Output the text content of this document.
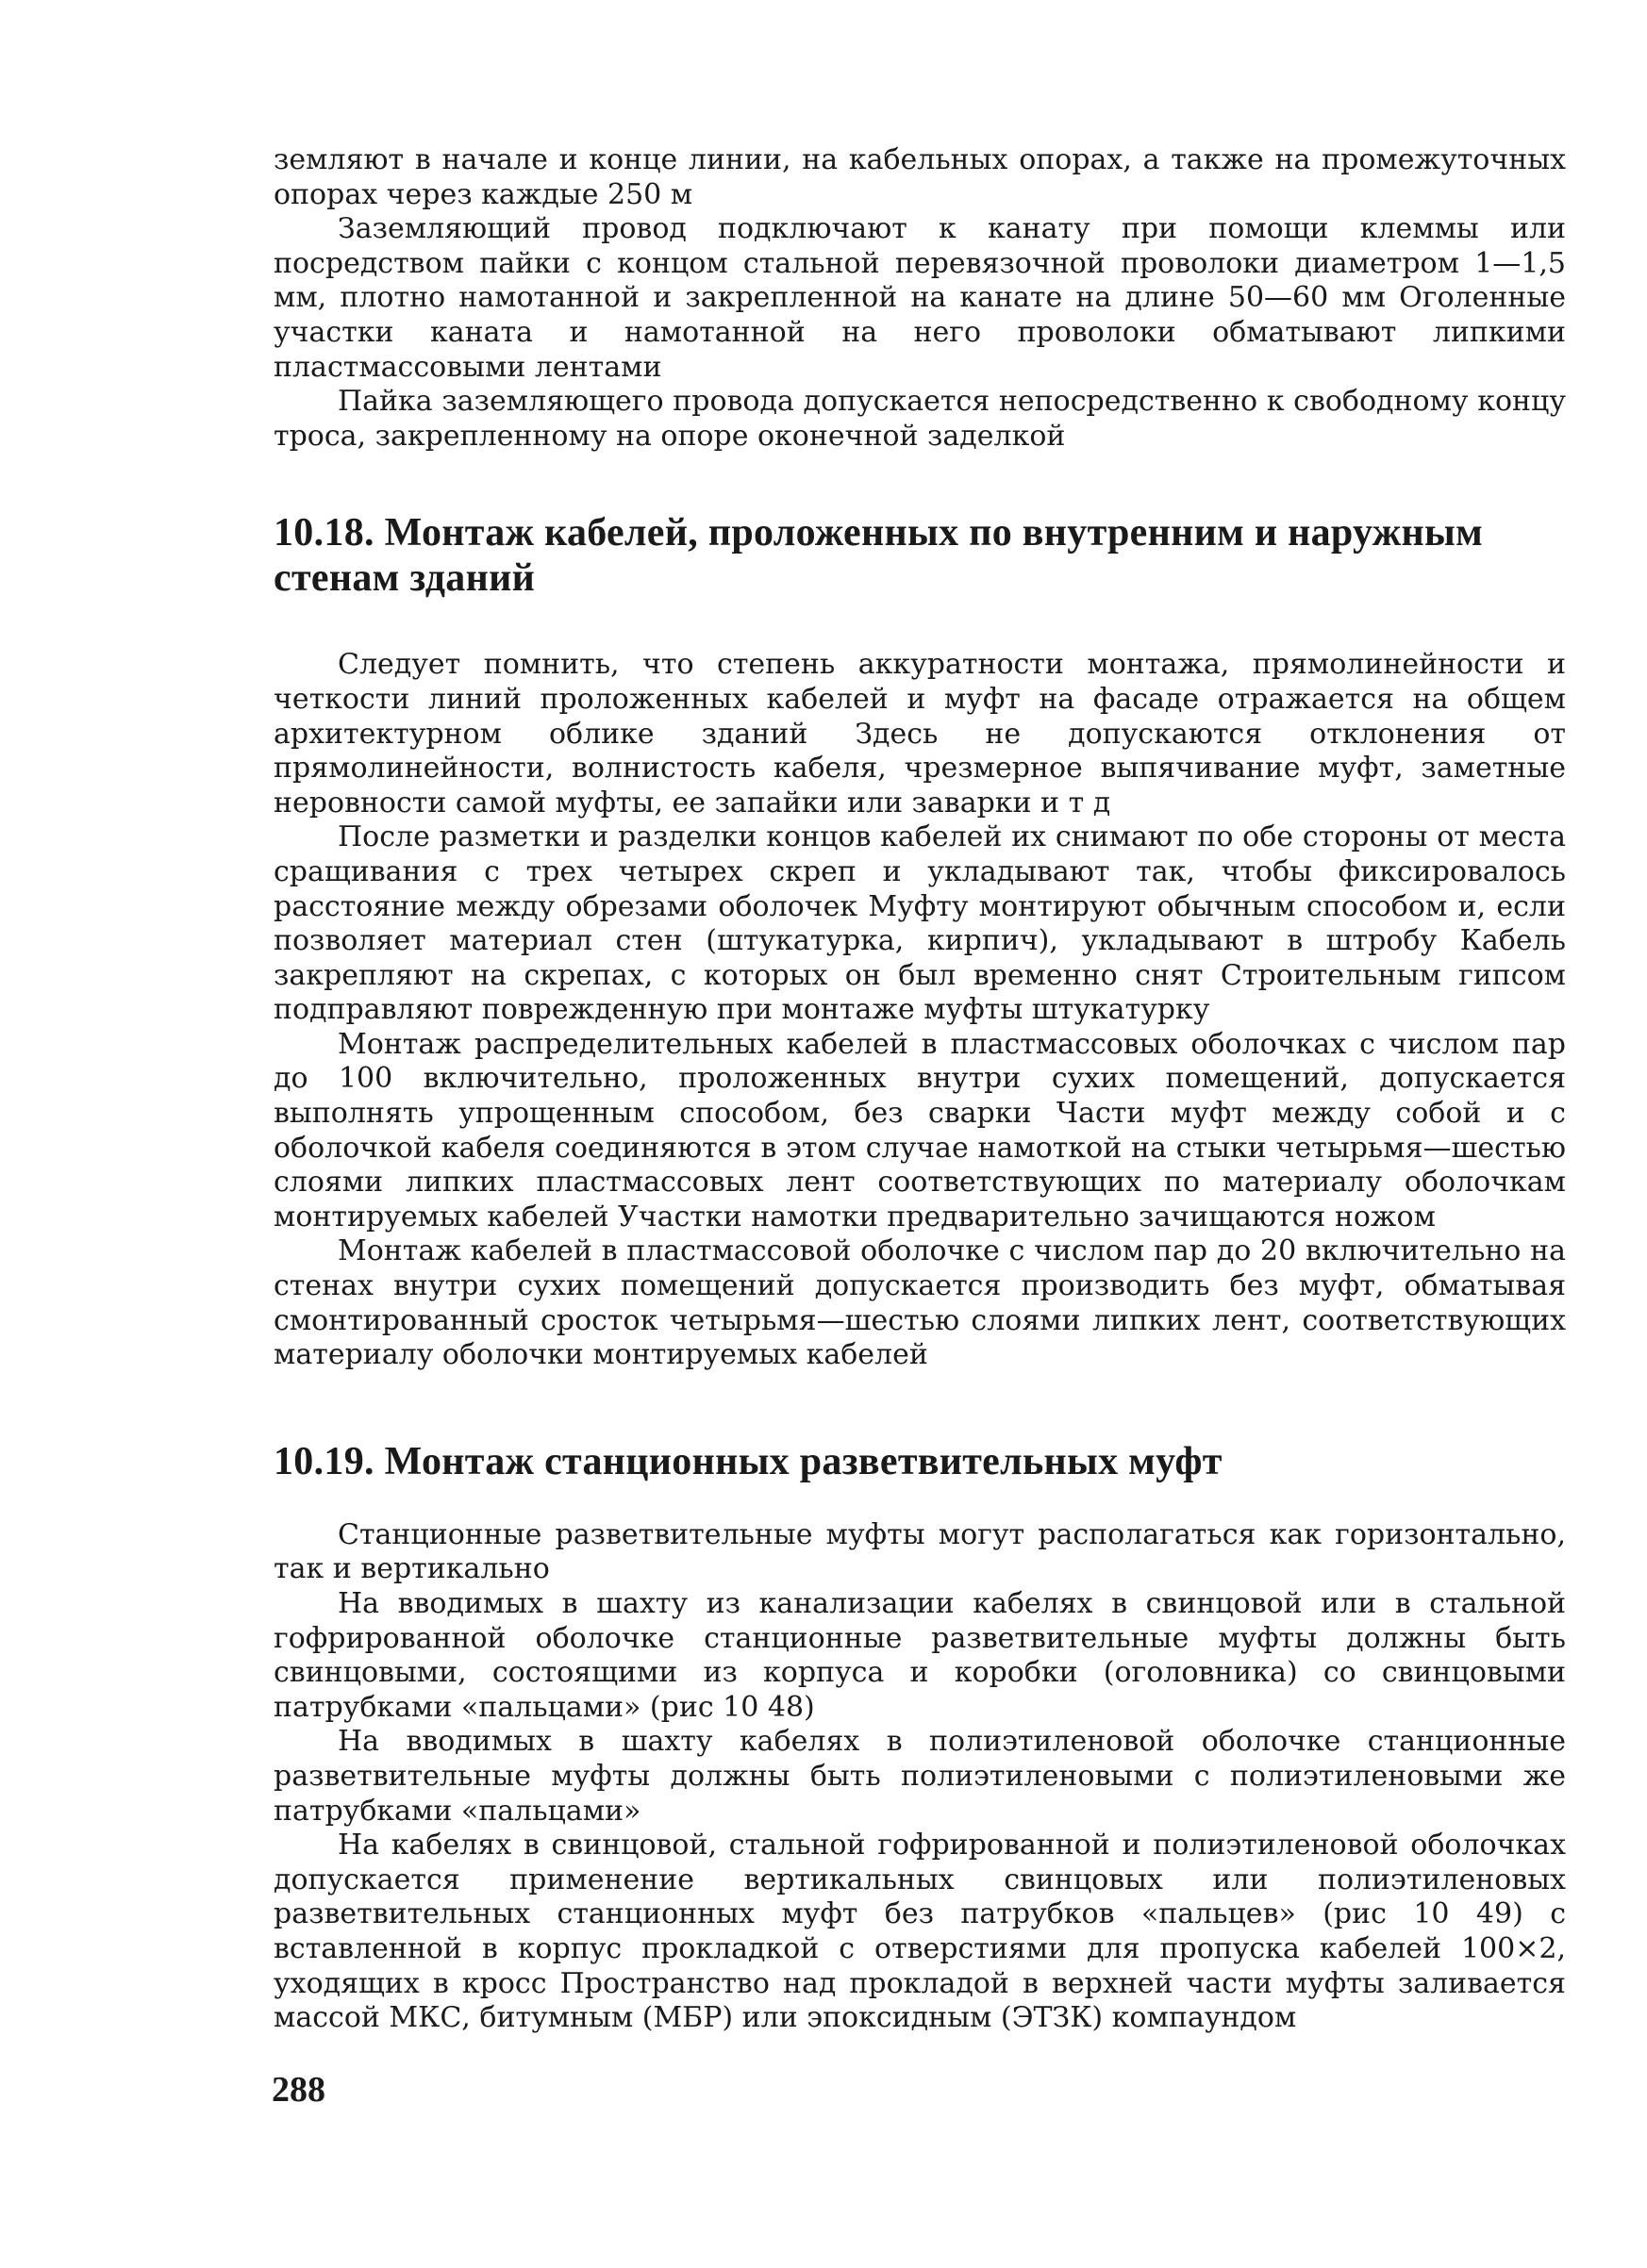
земляют в начале и конце линии, на кабельных опорах, а также на промежуточных опорах через каждые 250 м

Заземляющий провод подключают к канату при помощи клеммы или посредством пайки с концом стальной перевязочной проволоки диаметром 1—1,5 мм, плотно намотанной и закрепленной на канате на длине 50—60 мм Оголенные участки каната и намотанной на него проволоки обматывают липкими пластмассовыми лентами

Пайка заземляющего провода допускается непосредственно к свободному концу троса, закрепленному на опоре оконечной заделкой

10.18. Монтаж кабелей, проложенных по внутренним и наружным стенам зданий

Следует помнить, что степень аккуратности монтажа, прямолинейности и четкости линий проложенных кабелей и муфт на фасаде отражается на общем архитектурном облике зданий Здесь не допускаются отклонения от прямолинейности, волнистость кабеля, чрезмерное выпячивание муфт, заметные неровности самой муфты, ее запайки или заварки и т д

После разметки и разделки концов кабелей их снимают по обе стороны от места сращивания с трех четырех скреп и укладывают так, чтобы фиксировалось расстояние между обрезами оболочек Муфту монтируют обычным способом и, если позволяет материал стен (штукатурка, кирпич), укладывают в штробу Кабель закрепляют на скрепах, с которых он был временно снят Строительным гипсом подправляют поврежденную при монтаже муфты штукатурку

Монтаж распределительных кабелей в пластмассовых оболочках с числом пар до 100 включительно, проложенных внутри сухих помещений, допускается выполнять упрощенным способом, без сварки Части муфт между собой и с оболочкой кабеля соединяются в этом случае намоткой на стыки четырьмя—шестью слоями липких пластмассовых лент соответствующих по материалу оболочкам монтируемых кабелей Участки намотки предварительно зачищаются ножом

Монтаж кабелей в пластмассовой оболочке с числом пар до 20 включительно на стенах внутри сухих помещений допускается производить без муфт, обматывая смонтированный сросток четырьмя—шестью слоями липких лент, соответствующих материалу оболочки монтируемых кабелей

10.19. Монтаж станционных разветвительных муфт

Станционные разветвительные муфты могут располагаться как горизонтально, так и вертикально

На вводимых в шахту из канализации кабелях в свинцовой или в стальной гофрированной оболочке станционные разветвительные муфты должны быть свинцовыми, состоящими из корпуса и коробки (оголовника) со свинцовыми патрубками «пальцами» (рис 10 48)

На вводимых в шахту кабелях в полиэтиленовой оболочке станционные разветвительные муфты должны быть полиэтиленовыми с полиэтиленовыми же патрубками «пальцами»

На кабелях в свинцовой, стальной гофрированной и полиэтиленовой оболочках допускается применение вертикальных свинцовых или полиэтиленовых разветвительных станционных муфт без патрубков «пальцев» (рис 10 49) с вставленной в корпус прокладкой с отверстиями для пропуска кабелей 100×2, уходящих в кросс Пространство над прокладой в верхней части муфты заливается массой МКС, битумным (МБР) или эпоксидным (ЭТЗК) компаундом

288
